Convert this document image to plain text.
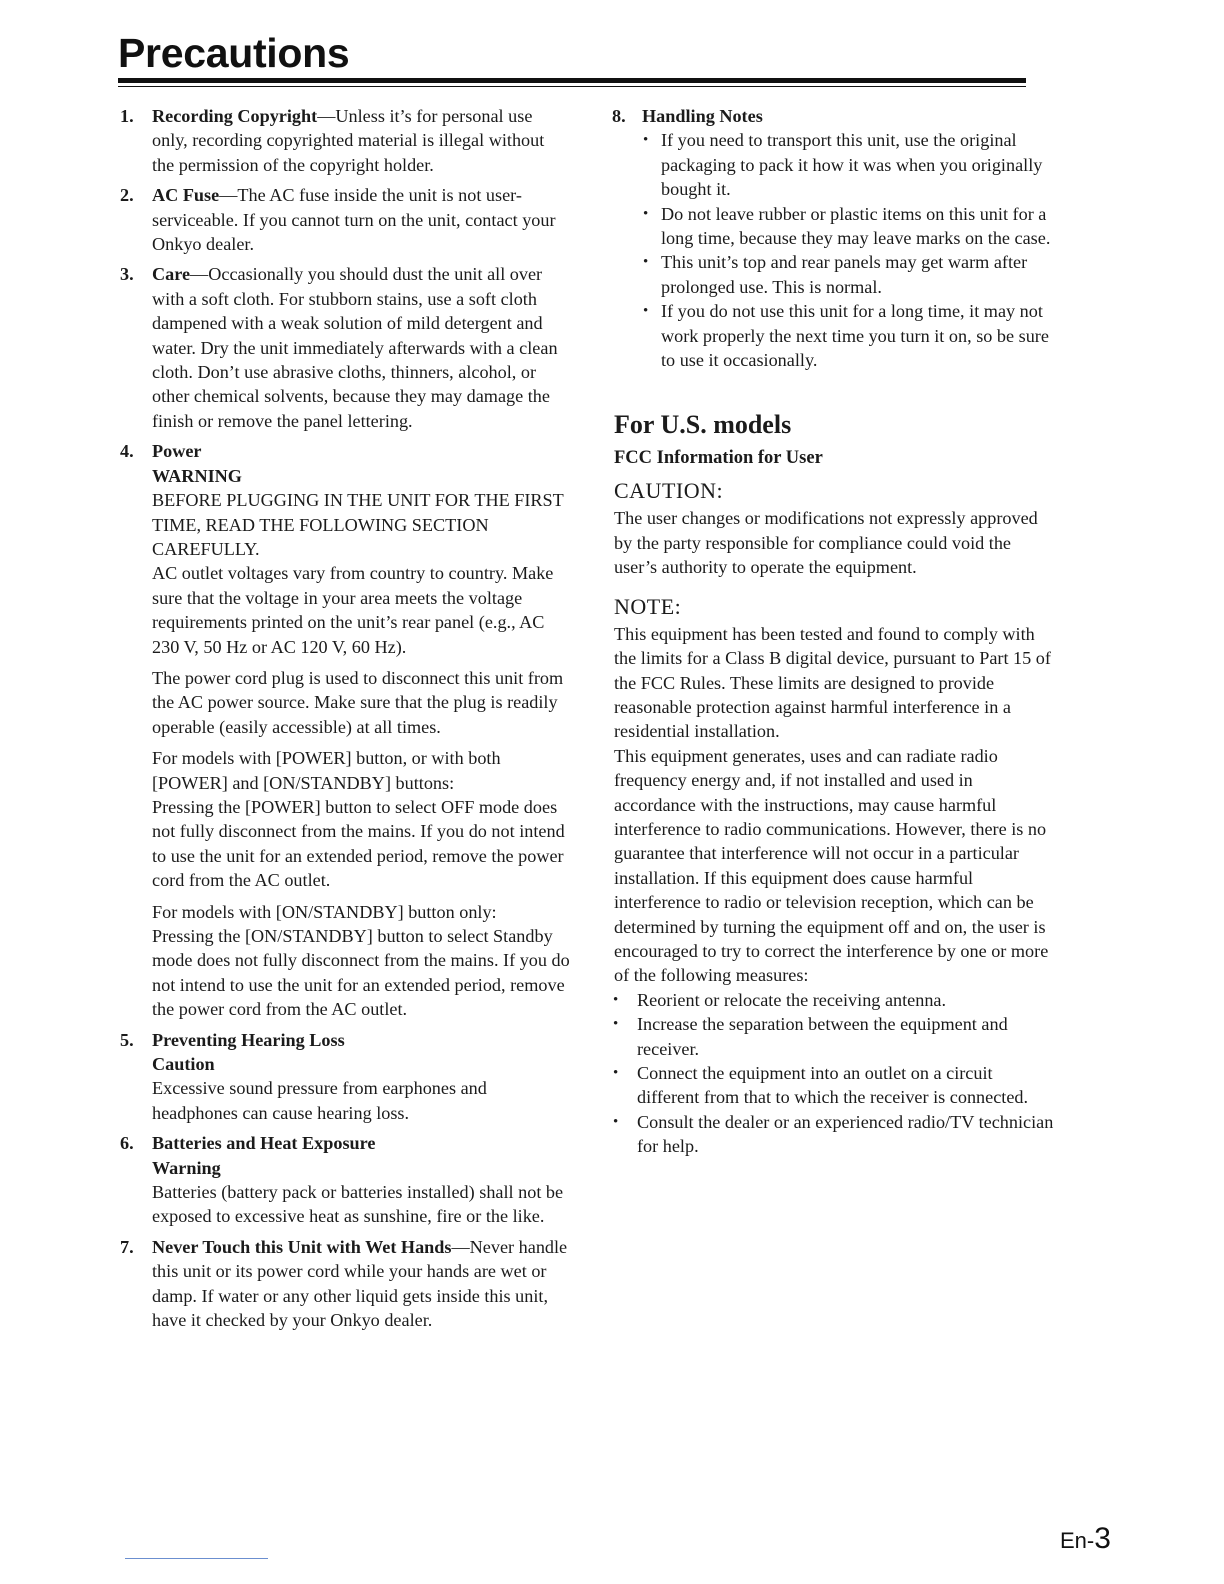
Precautions
1. Recording Copyright—Unless it’s for personal use only, recording copyrighted material is illegal without the permission of the copyright holder.
2. AC Fuse—The AC fuse inside the unit is not user-serviceable. If you cannot turn on the unit, contact your Onkyo dealer.
3. Care—Occasionally you should dust the unit all over with a soft cloth. For stubborn stains, use a soft cloth dampened with a weak solution of mild detergent and water. Dry the unit immediately afterwards with a clean cloth. Don’t use abrasive cloths, thinners, alcohol, or other chemical solvents, because they may damage the finish or remove the panel lettering.
4. Power

WARNING

BEFORE PLUGGING IN THE UNIT FOR THE FIRST TIME, READ THE FOLLOWING SECTION CAREFULLY.

AC outlet voltages vary from country to country. Make sure that the voltage in your area meets the voltage requirements printed on the unit’s rear panel (e.g., AC 230 V, 50 Hz or AC 120 V, 60 Hz).

The power cord plug is used to disconnect this unit from the AC power source. Make sure that the plug is readily operable (easily accessible) at all times.

For models with [POWER] button, or with both [POWER] and [ON/STANDBY] buttons:

Pressing the [POWER] button to select OFF mode does not fully disconnect from the mains. If you do not intend to use the unit for an extended period, remove the power cord from the AC outlet.

For models with [ON/STANDBY] button only:

Pressing the [ON/STANDBY] button to select Standby mode does not fully disconnect from the mains. If you do not intend to use the unit for an extended period, remove the power cord from the AC outlet.

5. Preventing Hearing Loss

Caution

Excessive sound pressure from earphones and headphones can cause hearing loss.

6. Batteries and Heat Exposure

Warning

Batteries (battery pack or batteries installed) shall not be exposed to excessive heat as sunshine, fire or the like.

7. Never Touch this Unit with Wet Hands—Never handle this unit or its power cord while your hands are wet or damp. If water or any other liquid gets inside this unit, have it checked by your Onkyo dealer.
8. Handling Notes

• If you need to transport this unit, use the original packaging to pack it how it was when you originally bought it.
• Do not leave rubber or plastic items on this unit for a long time, because they may leave marks on the case.
• This unit’s top and rear panels may get warm after prolonged use. This is normal.
• If you do not use this unit for a long time, it may not work properly the next time you turn it on, so be sure to use it occasionally.
For U.S. models
FCC Information for User
CAUTION:

The user changes or modifications not expressly approved by the party responsible for compliance could void the user’s authority to operate the equipment.

NOTE:

This equipment has been tested and found to comply with the limits for a Class B digital device, pursuant to Part 15 of the FCC Rules. These limits are designed to provide reasonable protection against harmful interference in a residential installation.

This equipment generates, uses and can radiate radio frequency energy and, if not installed and used in accordance with the instructions, may cause harmful interference to radio communications. However, there is no guarantee that interference will not occur in a particular installation. If this equipment does cause harmful interference to radio or television reception, which can be determined by turning the equipment off and on, the user is encouraged to try to correct the interference by one or more of the following measures:

• Reorient or relocate the receiving antenna.
• Increase the separation between the equipment and receiver.
• Connect the equipment into an outlet on a circuit different from that to which the receiver is connected.
• Consult the dealer or an experienced radio/TV technician for help.
En-3
